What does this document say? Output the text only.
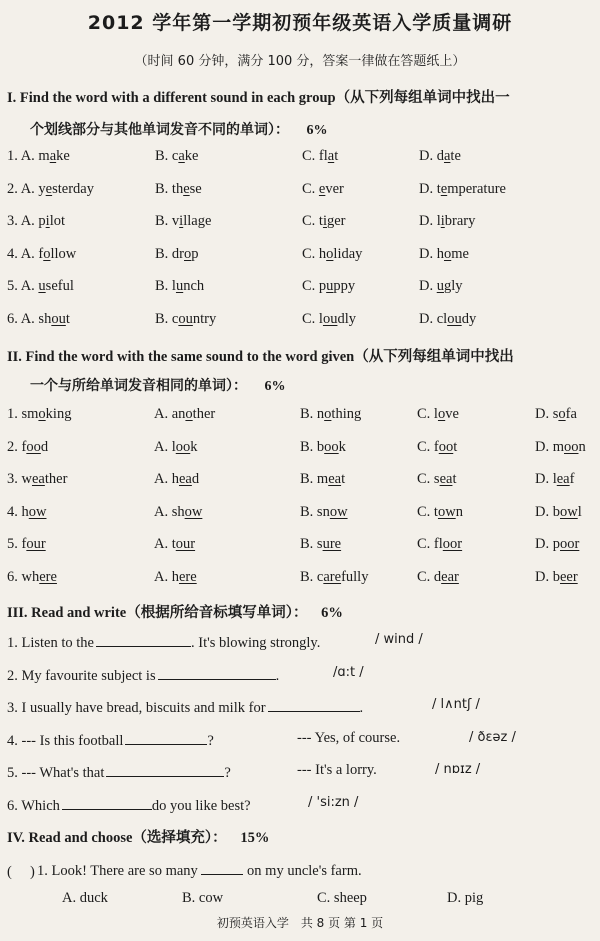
2012 学年第一学期初预年级英语入学质量调研
（时间 60 分钟，满分 100 分，答案一律做在答题纸上）
I. Find the word with a different sound in each group（从下列每组单词中找出一
个划线部分与其他单词发音不同的单词）： 6%
1. A. make	B. cake	C. flat	D. date
2. A. yesterday	B. these	C. ever	D. temperature
3. A. pilot	B. village	C. tiger	D. library
4. A. follow	B. drop	C. holiday	D. home
5. A. useful	B. lunch	C. puppy	D. ugly
6. A. shout	B. country	C. loudly	D. cloudy
II. Find the word with the same sound to the word given（从下列每组单词中找出
一个与所给单词发音相同的单词）： 6%
1. smoking	A. another	B. nothing	C. love	D. sofa
2. food	A. look	B. book	C. foot	D. moon
3. weather	A. head	B. meat	C. seat	D. leaf
4. how	A. show	B. snow	C. town	D. bowl
5. four	A. tour	B. sure	C. floor	D. poor
6. where	A. here	B. carefully	C. dear	D. beer
III. Read and write（根据所给音标填写单词）： 6%
1. Listen to the	. It's blowing strongly.	/ wind /
2. My favourite subject is	.	/ɑ:t /
3. I usually have bread, biscuits and milk for	.	/ l∧ntʃ /
4. --- Is this football	?	--- Yes, of course.	/ ðεəz /
5. --- What's that	?	--- It's a lorry.	/ nɒɪz /
6. Which	do you like best?	/ 'si:zn /
IV. Read and choose（选择填充）： 15%
(　 ) 1. Look! There are so many	on my uncle's farm.
A. duck	B. cow	C. sheep	D. pig
初预英语入学　共 8 页 第 1 页
